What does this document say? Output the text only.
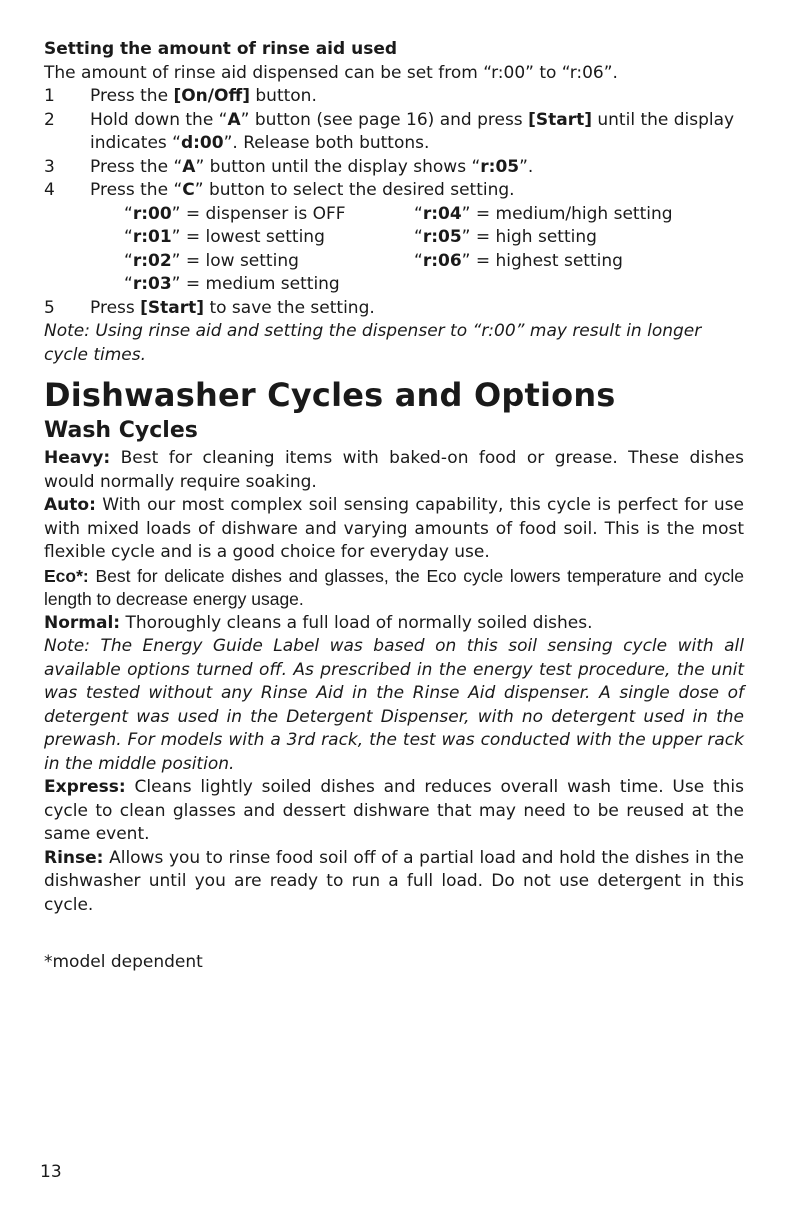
Setting the amount of rinse aid used
The amount of rinse aid dispensed can be set from “r:00” to “r:06”.
1	Press the [On/Off] button.
2	Hold down the “A” button (see page 16) and press [Start] until the display indicates “d:00”. Release both buttons.
3	Press the “A” button until the display shows “r:05”.
4	Press the “C” button to select the desired setting.
“r:00” = dispenser is OFF	“r:04” = medium/high setting
“r:01” = lowest setting	“r:05” = high setting
“r:02” = low setting	“r:06” = highest setting
“r:03” = medium setting
5	Press [Start] to save the setting.
Note: Using rinse aid and setting the dispenser to “r:00” may result in longer cycle times.
Dishwasher Cycles and Options
Wash Cycles
Heavy: Best for cleaning items with baked-on food or grease. These dishes would normally require soaking.
Auto: With our most complex soil sensing capability, this cycle is perfect for use with mixed loads of dishware and varying amounts of food soil. This is the most flexible cycle and is a good choice for everyday use.
Eco*: Best for delicate dishes and glasses, the Eco cycle lowers temperature and cycle length to decrease energy usage.
Normal: Thoroughly cleans a full load of normally soiled dishes.
Note: The Energy Guide Label was based on this soil sensing cycle with all available options turned off. As prescribed in the energy test procedure, the unit was tested without any Rinse Aid in the Rinse Aid dispenser. A single dose of detergent was used in the Detergent Dispenser, with no detergent used in the prewash. For models with a 3rd rack, the test was conducted with the upper rack in the middle position.
Express: Cleans lightly soiled dishes and reduces overall wash time. Use this cycle to clean glasses and dessert dishware that may need to be reused at the same event.
Rinse: Allows you to rinse food soil off of a partial load and hold the dishes in the dishwasher until you are ready to run a full load. Do not use detergent in this cycle.
*model dependent
13
